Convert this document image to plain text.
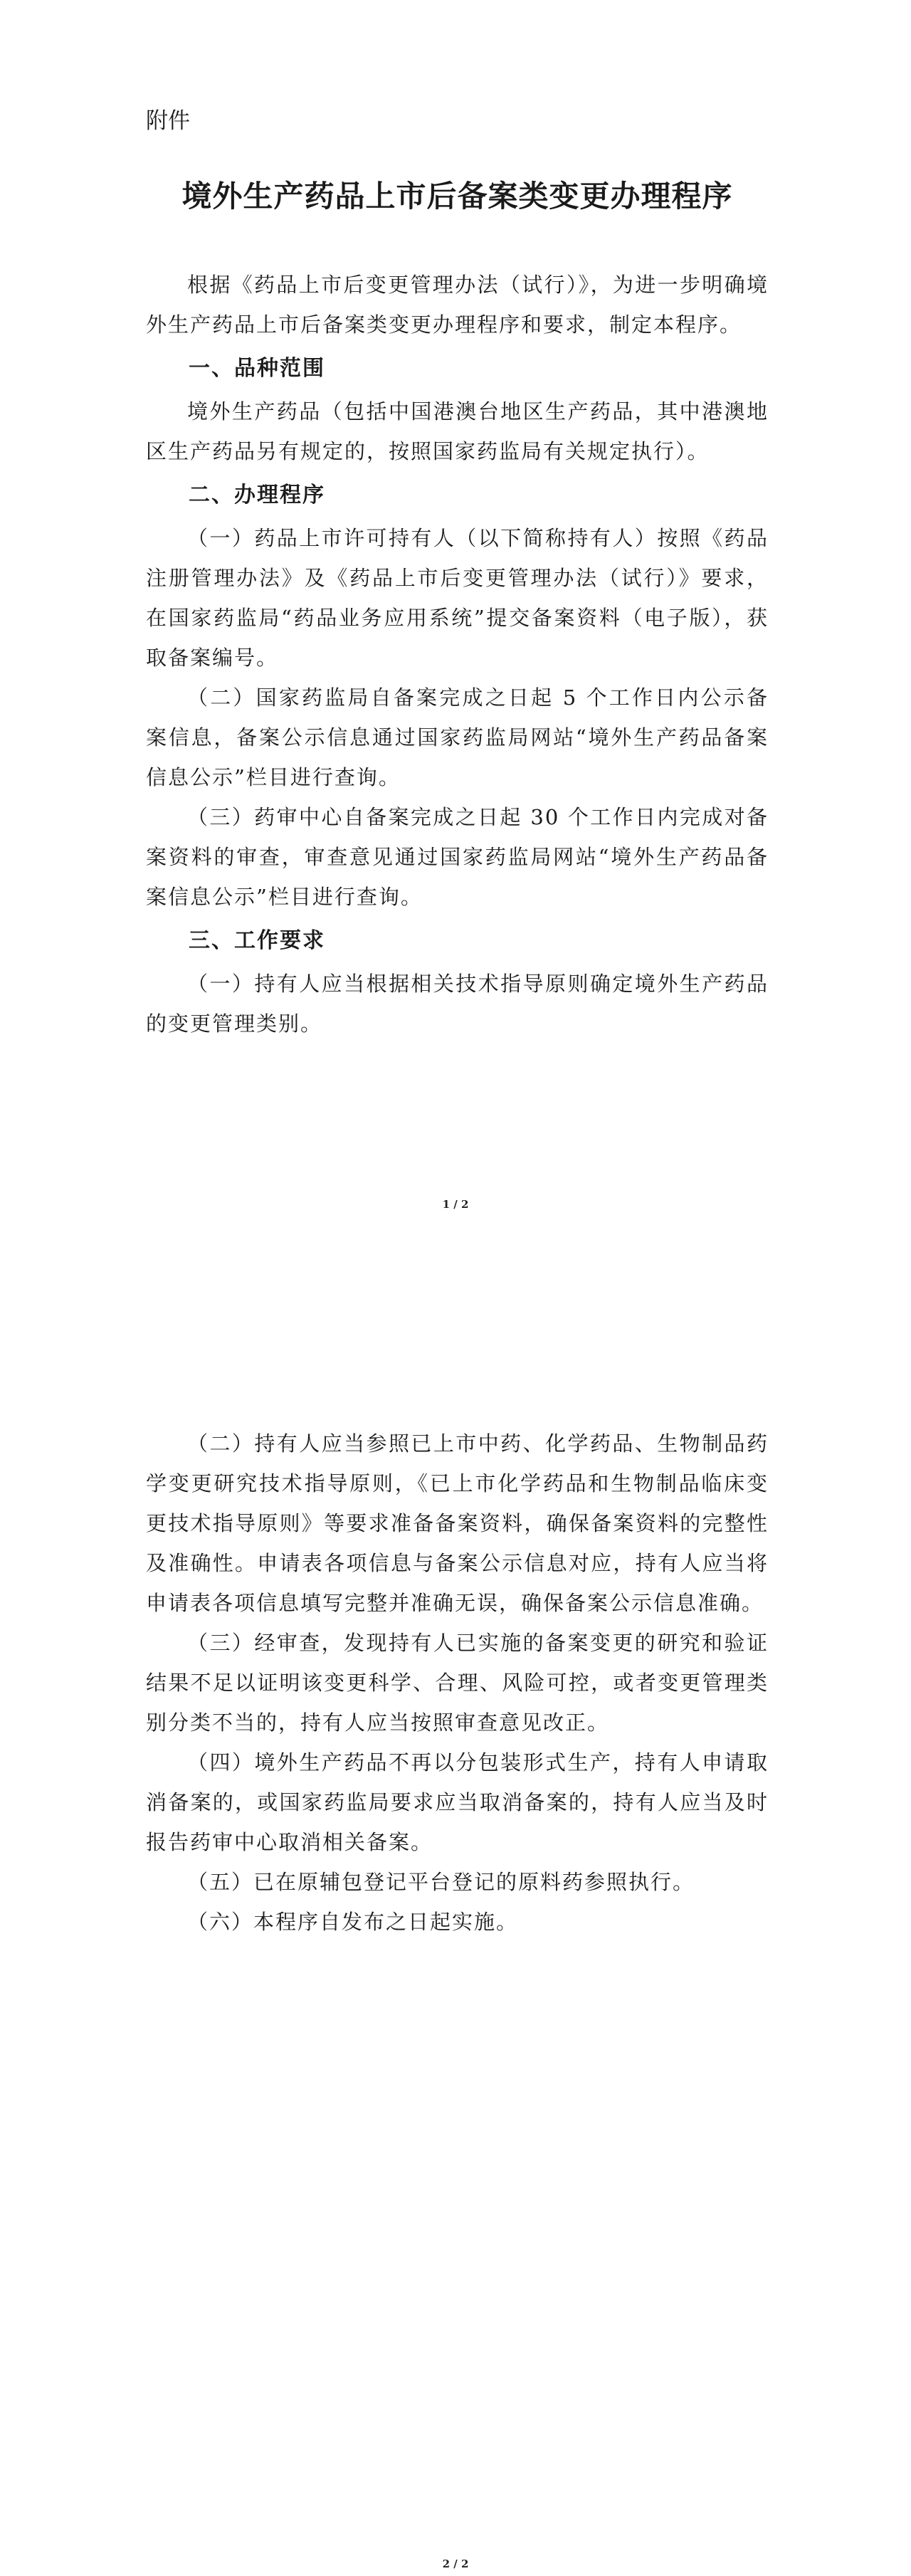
附件
境外生产药品上市后备案类变更办理程序

根据《药品上市后变更管理办法（试行）》，为进一步明确境外生产药品上市后备案类变更办理程序和要求，制定本程序。

一、品种范围

境外生产药品（包括中国港澳台地区生产药品，其中港澳地区生产药品另有规定的，按照国家药监局有关规定执行）。

二、办理程序

（一）药品上市许可持有人（以下简称持有人）按照《药品注册管理办法》及《药品上市后变更管理办法（试行）》要求，在国家药监局“药品业务应用系统”提交备案资料（电子版），获取备案编号。

（二）国家药监局自备案完成之日起 5 个工作日内公示备案信息，备案公示信息通过国家药监局网站“境外生产药品备案信息公示”栏目进行查询。

（三）药审中心自备案完成之日起 30 个工作日内完成对备案资料的审查，审查意见通过国家药监局网站“境外生产药品备案信息公示”栏目进行查询。

三、工作要求

（一）持有人应当根据相关技术指导原则确定境外生产药品的变更管理类别。

1 / 2

（二）持有人应当参照已上市中药、化学药品、生物制品药学变更研究技术指导原则，《已上市化学药品和生物制品临床变更技术指导原则》等要求准备备案资料，确保备案资料的完整性及准确性。申请表各项信息与备案公示信息对应，持有人应当将申请表各项信息填写完整并准确无误，确保备案公示信息准确。

（三）经审查，发现持有人已实施的备案变更的研究和验证结果不足以证明该变更科学、合理、风险可控，或者变更管理类别分类不当的，持有人应当按照审查意见改正。

（四）境外生产药品不再以分包装形式生产，持有人申请取消备案的，或国家药监局要求应当取消备案的，持有人应当及时报告药审中心取消相关备案。

（五）已在原辅包登记平台登记的原料药参照执行。

（六）本程序自发布之日起实施。

2 / 2
